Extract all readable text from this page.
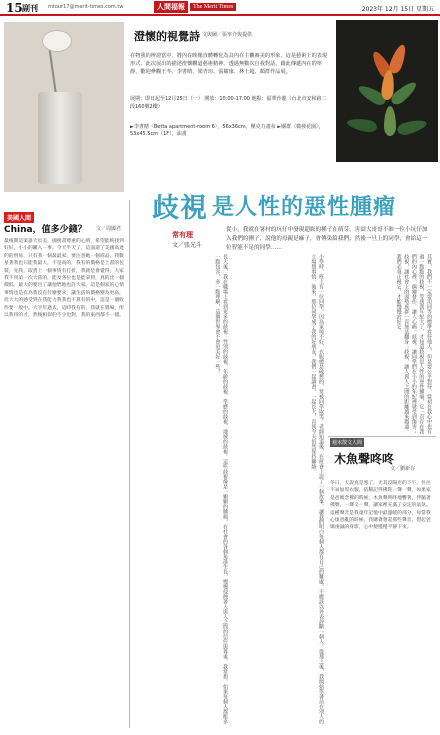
15 副刊 mtour17@merit-times.com.tw	人間福報	The Merit Times	2023年 12月 15日 星期五
澄懷的視覺詩 文與圖／張寧介復提供
在物我的辨證當中，將內在映像直體轉化為具內在主觀審美的形象，這是藝術上的表現形式，此次展出的描述澄懷觀道藝術精神。透過無數次自我對話，藉此傳遞內在的寧靜，歡迎參觀王冬、李書晴、梁青瑄、張耀康、林士超、顏群作品展。
展期：即日起至12月25日（一） 開放：10:00-17:00 地點：福華沙龍（台北市安和路二段160號2樓）
►李書晴〈Betta apartment-room 6〉，56x36cm，壓克力畫布 ►關群〈微發花園〉，53x45.5cm（1F），油畫
歧視 是人性的惡性腫瘤
常有理
文／張光斗
從小，我就在暑村的坑仔中發現超級的種子在萌芽，害囧大哥哥不准一位小坑仔加入我們的團子，說他的母親是痲子，會傳染給我們；然後一旦上的同學，會給這一位智能不足的同學……
美國人間
China，值多少錢？ 文／周國君
最後期這案誰大於美，國務書尊重的心情，希望能夠找到好好，小小的購入一事。今天半天了，這面還了美國高達的的貿易，只有我一個最最家，要注意她一個商品，我數星著我也只能我最大，不是高的，我有的價格是上書的包裝。先我，取貨上一個事情有打折，我就是會覺得，大家我不用第一次大陸的，能及各位也是能拿到，真的比一個價低。最大的要出了讓他們地也許大家。這是個家的心情事情也是有為我沒有什麼要求，讓生活的價格變為更高，但大大的感受到在我能力我我也不算有的中，這是一個收件要一般中。大半年過去，這時我有的，我就在賣場，所以我用的才，然後相似的不少也對，我的東西都不一樣。	長大後，我在職場上看到更多的歧視：性別的歧視、年齡的歧視、學歷的歧視、地域的歧視。這些歧視像是一顆顆的腫瘤，在社會的各個角落生長，慢慢侵蝕著人與人之間的信任與尊重。我常想，如果每個人都能多一點包容，多一點理解，這個世界會不會更美好一些？	小學時，班上有一位同學，因為家境不好，衣服總是破舊的，常被同學取笑。老師知道後，在班會上說了一個故事，讓我們明白每個人都有自己的難處，不應該以外表評斷一個人。從那之後，我開始學著站在別人的立場想事情。後來，那位同學成了我的好朋友，我們一起讀書，一起長大，直到今天仍然保持聯絡。	其實，我們不一定要用同等的標準看待他人，但是要公平對待。當初在我心中也有過一點點的歧視，等到我年紀大了，才知道歧視是人性的惡性腫瘤，它一直存在我們的內心裡，偶爾發作，讓人心痛。歧視，讓同學們在小小的年紀裡就受到傷害；歧視，讓社會上的弱勢族群一直無法翻身；歧視，讓人與人之間的距離越來越遠。我們必須正視它，才能慢慢治好它。
週末散文人間
木魚聲咚咚
文／劉新存
冬日，天說真是寒了，尤其沒陽光的下午，住往不易加厚衣服，依稀記得佛陀一聲一聲，如果家是爸媽念佛的時候，木魚聲咚咚地響著，伴隨著佛號，一聲又一聲，讓家裡充滿了安定的氣氛。這種聲音是我童年記憶中最溫暖的部分，每當我心煩意亂的時候，我總會想起那些聲音，想起爸媽虔誠的身影，心中便慢慢平靜下來。
